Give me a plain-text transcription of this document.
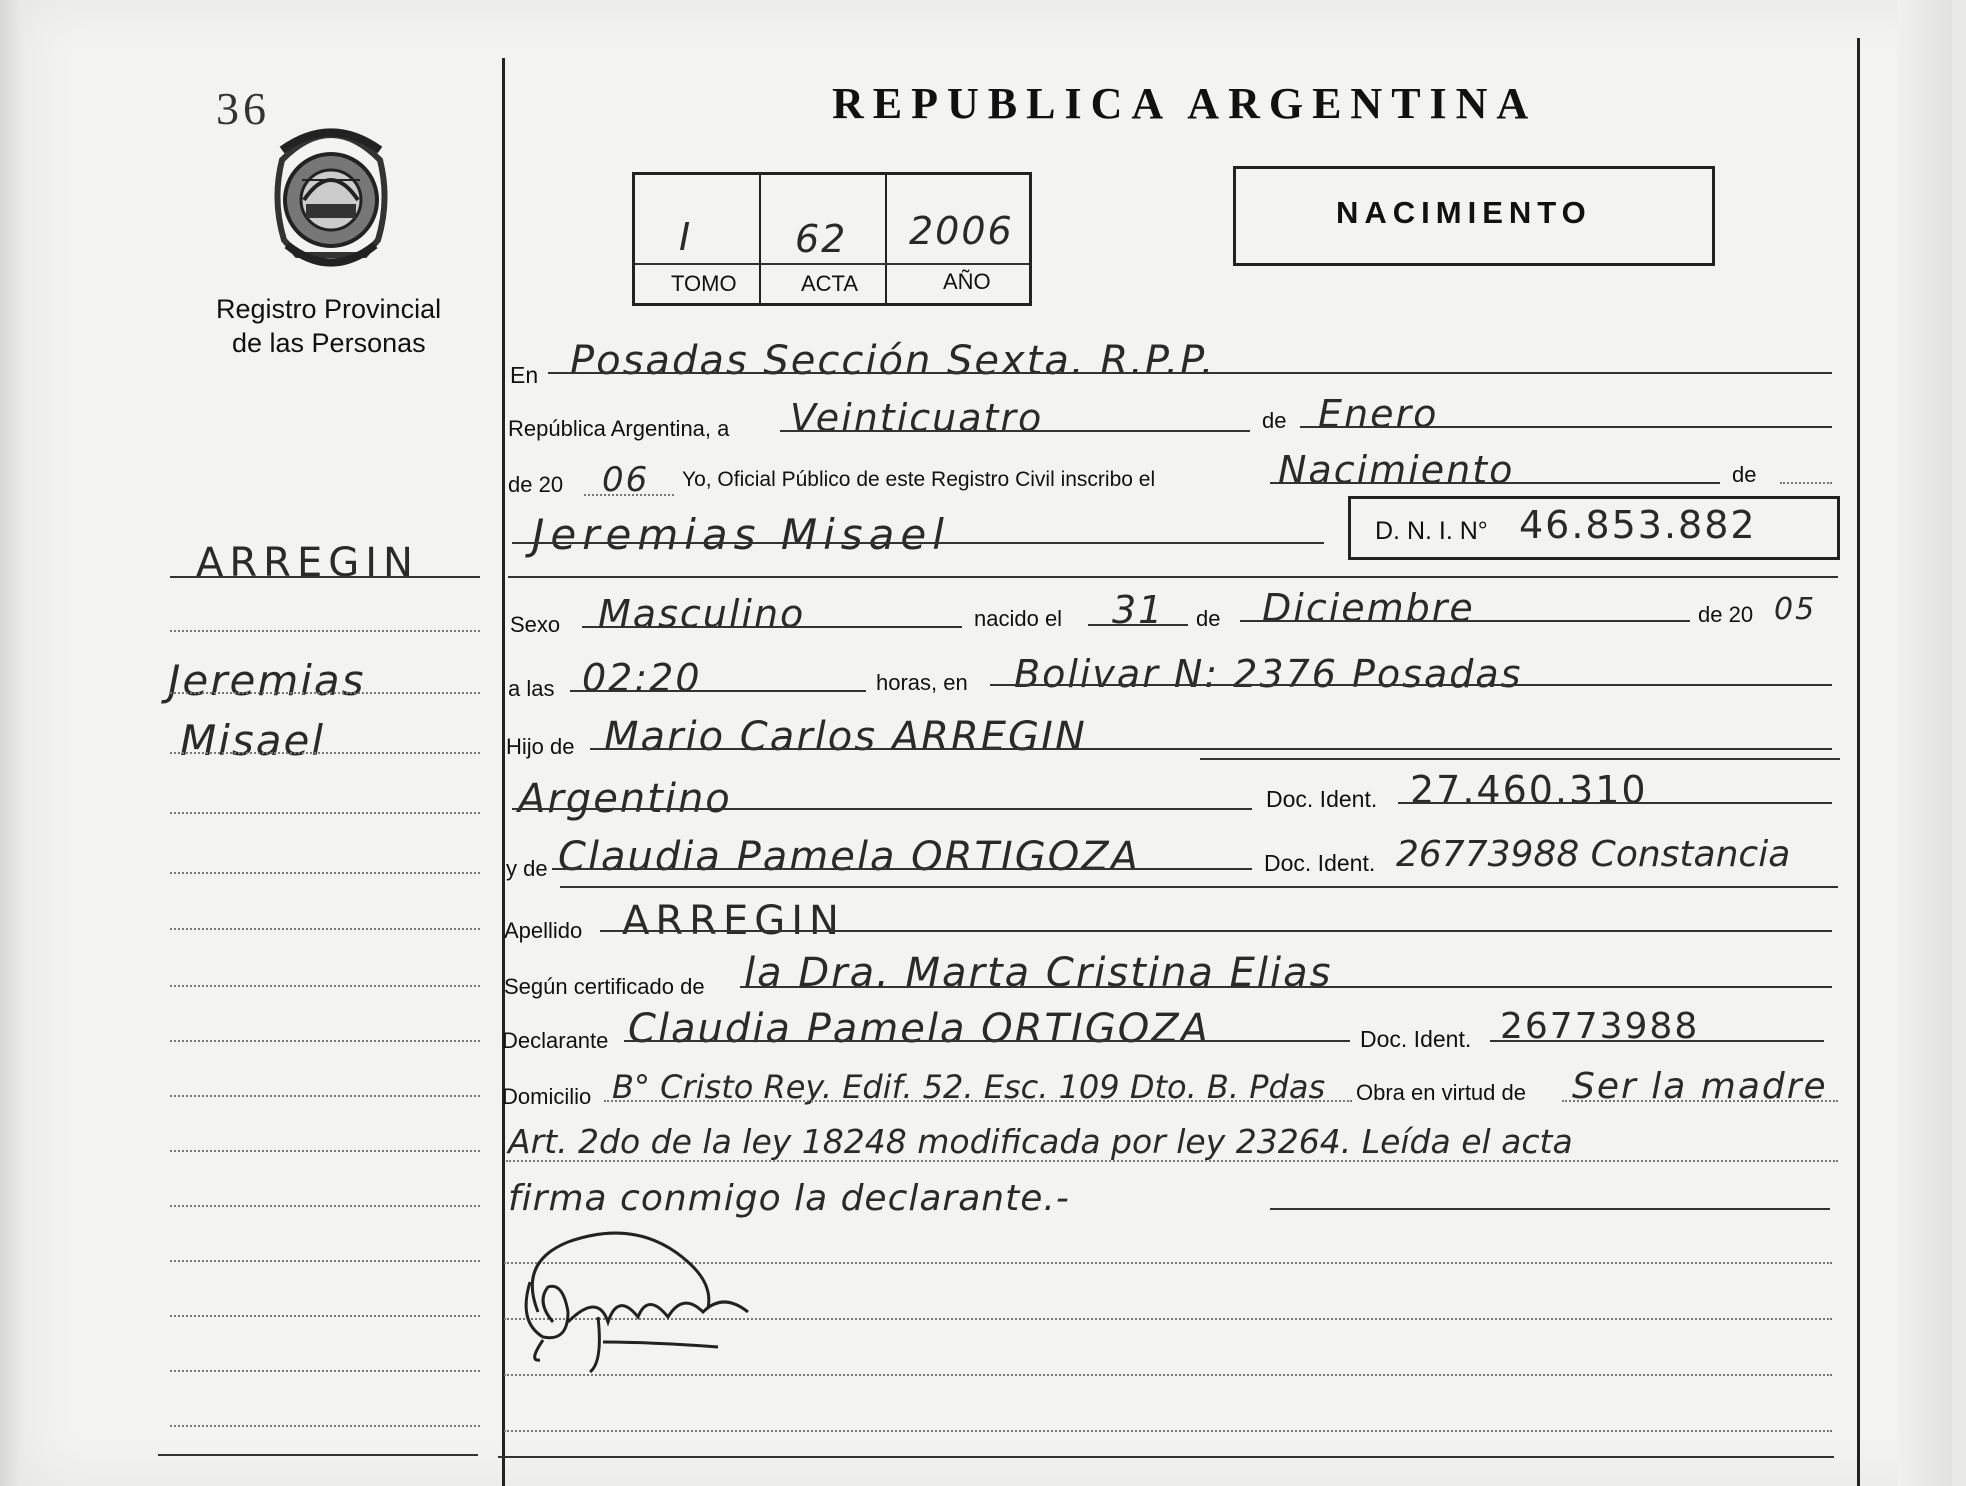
36
Registro Provincial
de las Personas
REPUBLICA ARGENTINA
I	62 2006
TOMO	ACTA	AÑO
NACIMIENTO
ARREGIN
Jeremias
Misael
En Posadas Sección Sexta. R.P.P.
República Argentina, a Veinticuatro	de Enero
de 20 06 Yo, Oficial Público de este Registro Civil inscribo el	Nacimiento	de
Jeremias Misael	D. N. I. N° 46.853.882
Sexo Masculino	nacido el 31 de Diciembre	de 20 05
a las 02:20	horas, en Bolivar N: 2376 Posadas
Hijo de Mario Carlos ARREGIN
Argentino	Doc. Ident. 27.460.310
y de Claudia Pamela ORTIGOZA	Doc. Ident. 26773988 Constancia
Apellido ARREGIN
Según certificado de la Dra. Marta Cristina Elias
Declarante Claudia Pamela ORTIGOZA	Doc. Ident. 26773988
Domicilio B° Cristo Rey. Edif. 52. Esc. 109 Dto. B. Pdas Obra en virtud de Ser la madre
Art. 2do de la ley 18248 modificada por ley 23264. Leída el acta
firma conmigo la declarante.-
